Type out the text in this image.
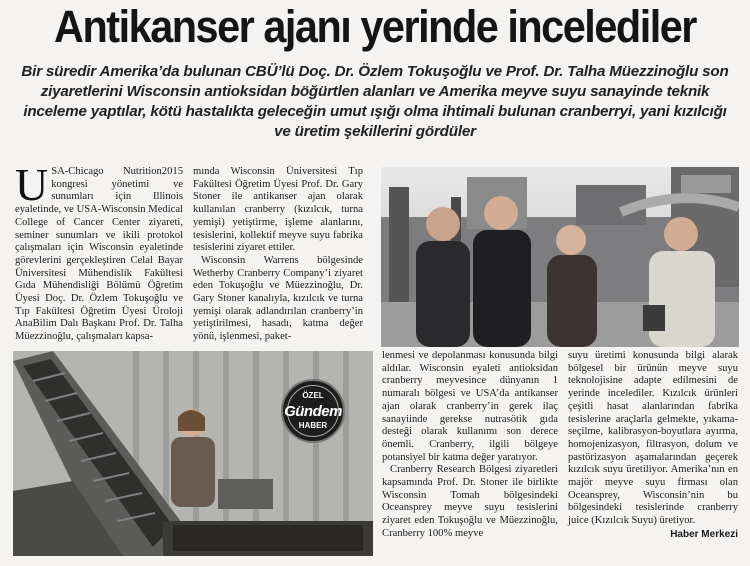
Antikanser ajanı yerinde incelediler
Bir süredir Amerika’da bulunan CBÜ’lü Doç. Dr. Özlem Tokuşoğlu ve Prof. Dr. Talha Müezzinoğlu son ziyaretlerini Wisconsin antioksidan böğürtlen alanları ve Amerika meyve suyu sanayinde teknik inceleme yaptılar, kötü hastalıkta geleceğin umut ışığı olma ihtimali bulunan cranberryi, yani kızılcığı ve üretim şekillerini gördüler

USA-Chicago Nutrition2015 kongresi yönetimi ve sunumları için Illinois eyaletinde, ve USA-Wisconsin Medical College of Cancer Center ziyareti, seminer sunumları ve ikili protokol çalışmaları için Wisconsin eyaletinde görevlerini gerçekleştiren Celal Bayar Üniversitesi Mühendislik Fakültesi Gıda Mühendisliği Bölümü Öğretim Üyesi Doç. Dr. Özlem Tokuşoğlu ve Tıp Fakültesi Öğretim Üyesi Üroloji AnaBilim Dalı Başkanı Prof. Dr. Talha Müezzinoğlu, çalışmaları kapsa-

mında Wisconsin Üniversitesi Tıp Fakültesi Öğretim Üyesi Prof. Dr. Gary Stoner ile antikanser ajan olarak kullanılan cranberry (kızılcık, turna yemişi) yetiştirme, işleme alanlarını, tesislerini, kollektif meyve suyu fabrika tesislerini ziyaret ettiler.

Wisconsin Warrens bölgesinde Wetherby Cranberry Company’i ziyaret eden Tokuşoğlu ve Müezzinoğlu, Dr. Gary Stoner kanalıyla, kızılcık ve turna yemişi olarak adlandırılan cranberry’in yetiştirilmesi, hasadı, katma değer yönü, işlenmesi, paket-

ÖZEL
Gündem
HABER

lenmesi ve depolanması konusunda bilgi aldılar. Wisconsin eyaleti antioksidan cranberry meyvesince dünyanın 1 numaralı bölgesi ve USA’da antikanser ajan olarak cranberry’in gerek ilaç sanayiinde gerekse nutrasötik gıda desteği olarak kullanımı son derece önemli. Cranberry, ilgili bölgeye potansiyel bir katma değer yaratıyor.

Cranberry Research Bölgesi ziyaretleri kapsamında Prof. Dr. Stoner ile birlikte Wisconsin Tomah bölgesindeki Oceansprey meyve suyu tesislerini ziyaret eden Tokuşoğlu ve Müezzinoğlu, Cranberry 100% meyve

suyu üretimi konusunda bilgi alarak bölgesel bir ürünün meyve suyu teknolojisine adapte edilmesini de yerinde incelediler. Kızılcık ürünleri çeşitli hasat alanlarından fabrika tesislerine araçlarla gelmekte, yıkama-seçilme, kalibrasyon-boyutlara ayırma, homojenizasyon, filtrasyon, dolum ve pastörizasyon aşamalarından geçerek kızılcık suyu üretiliyor. Amerika’nın en majör meyve suyu firması olan Oceansprey, Wisconsin’nin bu bölgesindeki tesislerinde cranberry juice (Kızılcık Suyu) üretiyor.

Haber Merkezi
